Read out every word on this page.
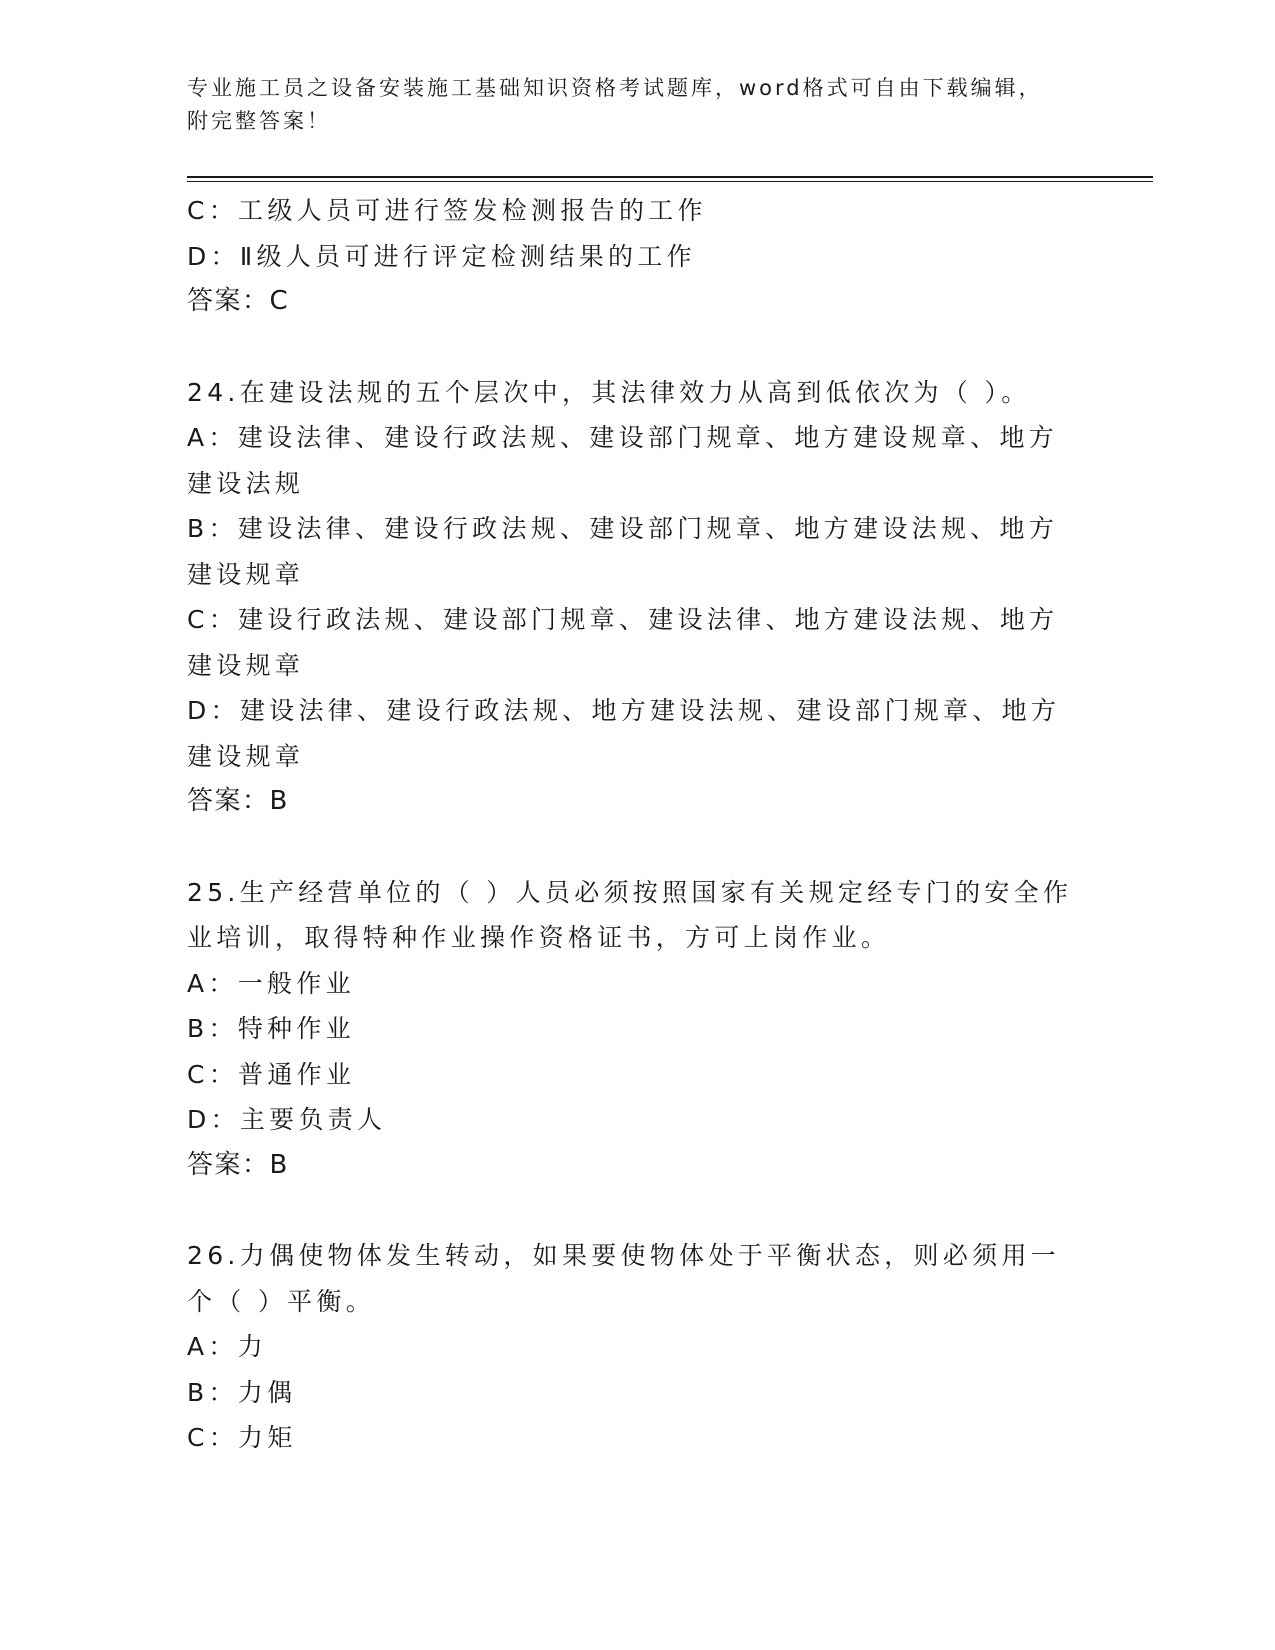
专业施工员之设备安装施工基础知识资格考试题库，word格式可自由下载编辑，
附完整答案！

C：工级人员可进行签发检测报告的工作

D：Ⅱ级人员可进行评定检测结果的工作

答案：C

24.在建设法规的五个层次中，其法律效力从高到低依次为（ ）。

A：建设法律、建设行政法规、建设部门规章、地方建设规章、地方建设法规

B：建设法律、建设行政法规、建设部门规章、地方建设法规、地方建设规章

C：建设行政法规、建设部门规章、建设法律、地方建设法规、地方建设规章

D：建设法律、建设行政法规、地方建设法规、建设部门规章、地方建设规章

答案：B

25.生产经营单位的（ ）人员必须按照国家有关规定经专门的安全作业培训，取得特种作业操作资格证书，方可上岗作业。

A：一般作业

B：特种作业

C：普通作业

D：主要负责人

答案：B

26.力偶使物体发生转动，如果要使物体处于平衡状态，则必须用一个（ ）平衡。

A：力

B：力偶

C：力矩
